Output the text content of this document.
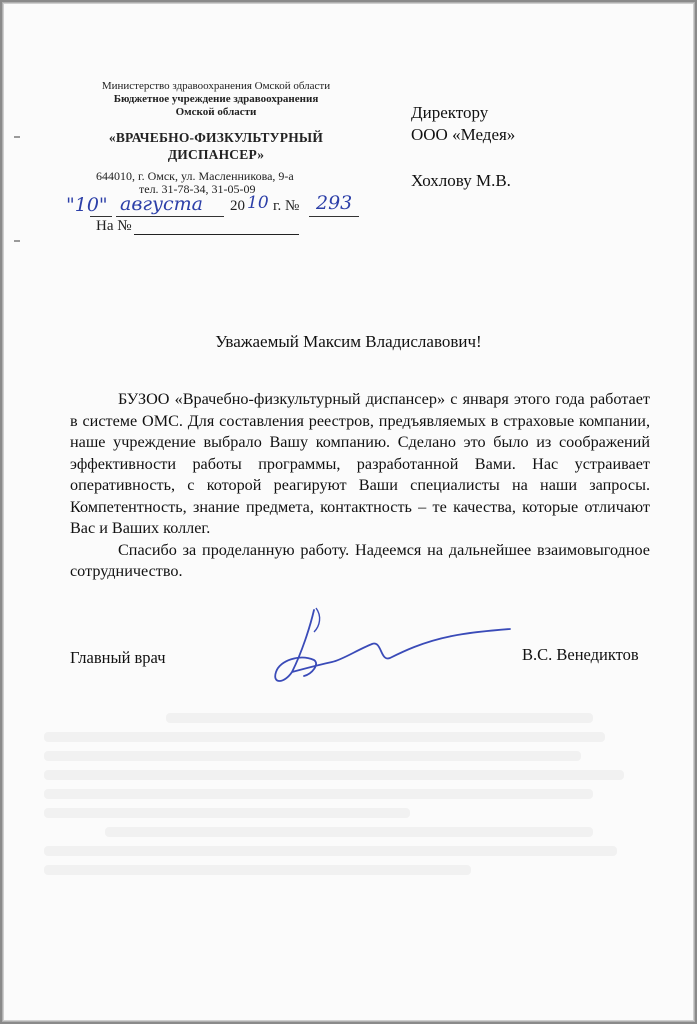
Министерство здравоохранения Омской области
Бюджетное учреждение здравоохранения
Омской области
«ВРАЧЕБНО-ФИЗКУЛЬТУРНЫЙ
ДИСПАНСЕР»
644010, г. Омск, ул. Масленникова, 9-а
тел. 31-78-34, 31-05-09
"10" августа 20 10 г. № 293
На №
Директору
ООО «Медея»
Хохлову М.В.
Уважаемый Максим Владиславович!

БУЗОО «Врачебно-физкультурный диспансер» с января этого года работает в системе ОМС. Для составления реестров, предъявляемых в страховые компании, наше учреждение выбрало Вашу компанию. Сделано это было из соображений эффективности работы программы, разработанной Вами. Нас устраивает оперативность, с которой реагируют Ваши специалисты на наши запросы. Компетентность, знание предмета, контактность – те качества, которые отличают Вас и Ваших коллег.

Спасибо за проделанную работу. Надеемся на дальнейшее взаимовыгодное сотрудничество.

Главный врач	В.С. Венедиктов
